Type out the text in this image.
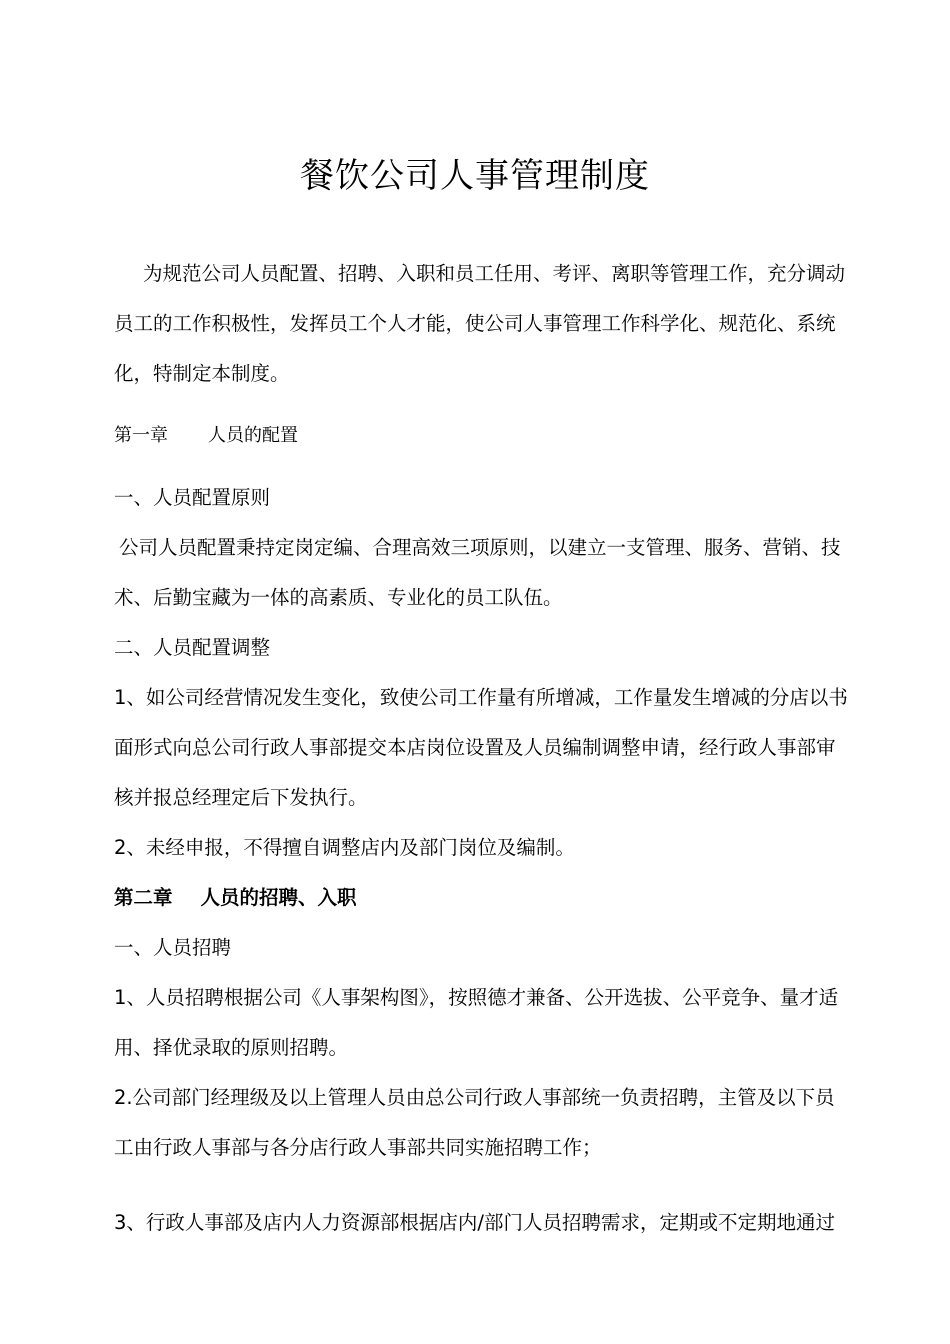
餐饮公司人事管理制度
为规范公司人员配置、招聘、入职和员工任用、考评、离职等管理工作，充分调动
员工的工作积极性，发挥员工个人才能，使公司人事管理工作科学化、规范化、系统
化，特制定本制度。
第一章 人员的配置
一、人员配置原则
公司人员配置秉持定岗定编、合理高效三项原则，以建立一支管理、服务、营销、技
术、后勤宝藏为一体的高素质、专业化的员工队伍。
二、人员配置调整
1、如公司经营情况发生变化，致使公司工作量有所增减，工作量发生增减的分店以书
面形式向总公司行政人事部提交本店岗位设置及人员编制调整申请，经行政人事部审
核并报总经理定后下发执行。
2、未经申报，不得擅自调整店内及部门岗位及编制。
第二章 人员的招聘、入职
一、人员招聘
1、人员招聘根据公司《人事架构图》，按照德才兼备、公开选拔、公平竞争、量才适
用、择优录取的原则招聘。
2.公司部门经理级及以上管理人员由总公司行政人事部统一负责招聘，主管及以下员
工由行政人事部与各分店行政人事部共同实施招聘工作；
3、行政人事部及店内人力资源部根据店内/部门人员招聘需求，定期或不定期地通过
